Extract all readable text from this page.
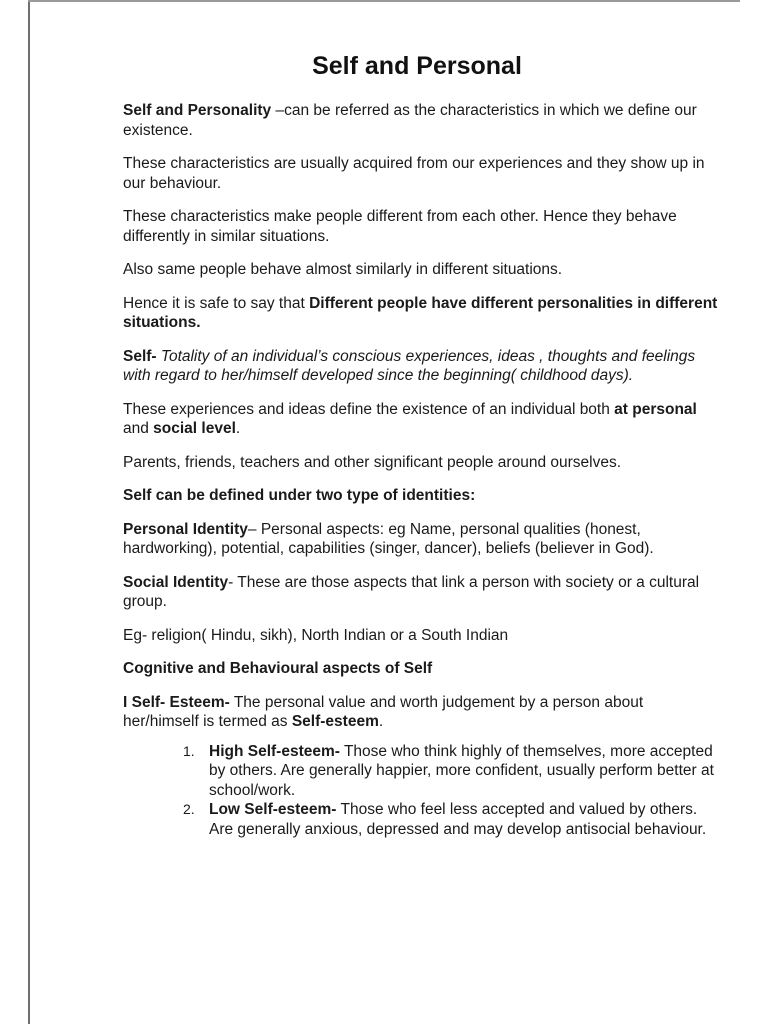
Self and Personal

Self and Personality –can be referred as the characteristics in which we define our existence.

These characteristics are usually acquired from our experiences and they show up in our behaviour.

These characteristics make people different from each other. Hence they behave differently in similar situations.

Also same people behave almost similarly in different situations.

Hence it is safe to say that Different people have different personalities in different situations.

Self- Totality of an individual’s conscious experiences, ideas , thoughts and feelings with regard to her/himself developed since the beginning( childhood days).

These experiences and ideas define the existence of an individual both at personal and social level.

Parents, friends, teachers and other significant people around ourselves.

Self can be defined under two type of identities:

Personal Identity– Personal aspects: eg Name, personal qualities (honest, hardworking), potential, capabilities (singer, dancer), beliefs (believer in God).

Social Identity- These are those aspects that link a person with society or a cultural group.

Eg- religion( Hindu, sikh), North Indian or a South Indian

Cognitive and Behavioural aspects of Self

I Self- Esteem- The personal value and worth judgement by a person about her/himself is termed as Self-esteem.

1. High Self-esteem- Those who think highly of themselves, more accepted by others. Are generally happier, more confident, usually perform better at school/work.
2. Low Self-esteem- Those who feel less accepted and valued by others. Are generally anxious, depressed and may develop antisocial behaviour.
